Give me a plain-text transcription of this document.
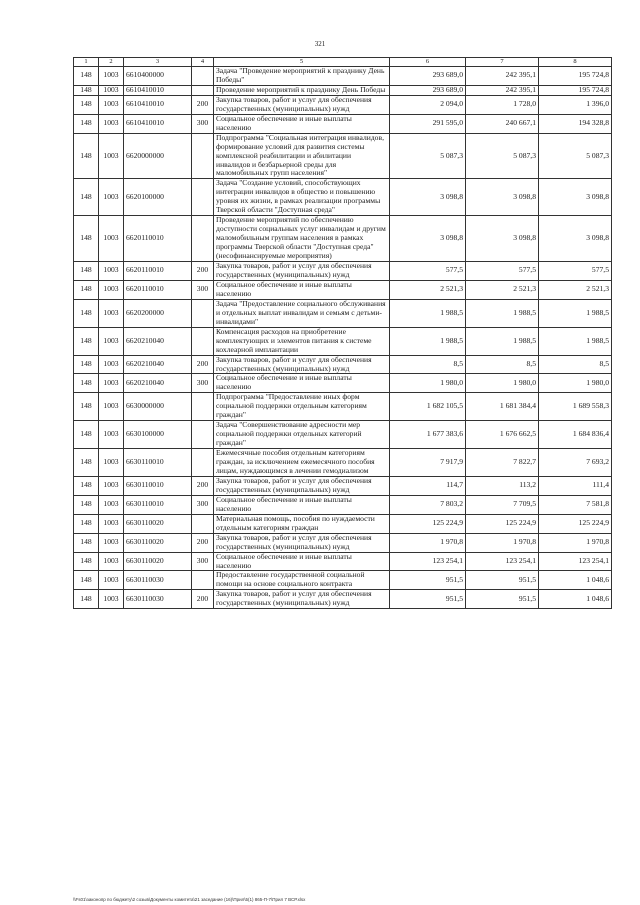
321
1	2	3	4	5	6	7	8
148	1003	6610400000		Задача "Проведение мероприятий к празднику День Победы"	293 689,0	242 395,1	195 724,8
148	1003	6610410010		Проведение мероприятий к празднику День Победы	293 689,0	242 395,1	195 724,8
148	1003	6610410010	200	Закупка товаров, работ и услуг для обеспечения государственных (муниципальных) нужд	2 094,0	1 728,0	1 396,0
148	1003	6610410010	300	Социальное обеспечение и иные выплаты населению	291 595,0	240 667,1	194 328,8
148	1003	6620000000		Подпрограмма "Социальная интеграция инвалидов, формирование условий для развития системы комплексной реабилитации и абилитации инвалидов и безбарьерной среды для маломобильных групп населения"	5 087,3	5 087,3	5 087,3
148	1003	6620100000		Задача "Создание условий, способствующих интеграции инвалидов в общество и повышению уровня их жизни, в рамках реализации программы Тверской области "Доступная среда"	3 098,8	3 098,8	3 098,8
148	1003	6620110010		Проведение мероприятий по обеспечению доступности социальных услуг инвалидам и другим маломобильным группам населения в рамках программы Тверской области "Доступная среда" (несофинансируемые мероприятия)	3 098,8	3 098,8	3 098,8
148	1003	6620110010	200	Закупка товаров, работ и услуг для обеспечения государственных (муниципальных) нужд	577,5	577,5	577,5
148	1003	6620110010	300	Социальное обеспечение и иные выплаты населению	2 521,3	2 521,3	2 521,3
148	1003	6620200000		Задача "Предоставление социального обслуживания и отдельных выплат инвалидам и семьям с детьми-инвалидами"	1 988,5	1 988,5	1 988,5
148	1003	6620210040		Компенсация расходов на приобретение комплектующих и элементов питания к системе кохлеарной имплантации	1 988,5	1 988,5	1 988,5
148	1003	6620210040	200	Закупка товаров, работ и услуг для обеспечения государственных (муниципальных) нужд	8,5	8,5	8,5
148	1003	6620210040	300	Социальное обеспечение и иные выплаты населению	1 980,0	1 980,0	1 980,0
148	1003	6630000000		Подпрограмма "Предоставление иных форм социальной поддержки отдельным категориям граждан"	1 682 105,5	1 681 384,4	1 689 558,3
148	1003	6630100000		Задача "Совершенствование адресности мер социальной поддержки отдельных категорий граждан"	1 677 383,6	1 676 662,5	1 684 836,4
148	1003	6630110010		Ежемесячные пособия отдельным категориям граждан, за исключением ежемесячного пособия лицам, нуждающимся в лечении гемодиализом	7 917,9	7 822,7	7 693,2
148	1003	6630110010	200	Закупка товаров, работ и услуг для обеспечения государственных (муниципальных) нужд	114,7	113,2	111,4
148	1003	6630110010	300	Социальное обеспечение и иные выплаты населению	7 803,2	7 709,5	7 581,8
148	1003	6630110020		Материальная помощь, пособия по нуждаемости отдельным категориям граждан	125 224,9	125 224,9	125 224,9
148	1003	6630110020	200	Закупка товаров, работ и услуг для обеспечения государственных (муниципальных) нужд	1 970,8	1 970,8	1 970,8
148	1003	6630110020	300	Социальное обеспечение и иные выплаты населению	123 254,1	123 254,1	123 254,1
148	1003	6630110030		Предоставление государственной социальной помощи на основе социального контракта	951,5	951,5	1 048,6
148	1003	6630110030	200	Закупка товаров, работ и услуг для обеспечения государственных (муниципальных) нужд	951,5	951,5	1 048,6
\\Fs01\законопр по бюджету\2 созыв\Документы комитета\21 заседание (16)\Прил\5(1) 865-П-7\Прил 7 ВСР.xlsx
